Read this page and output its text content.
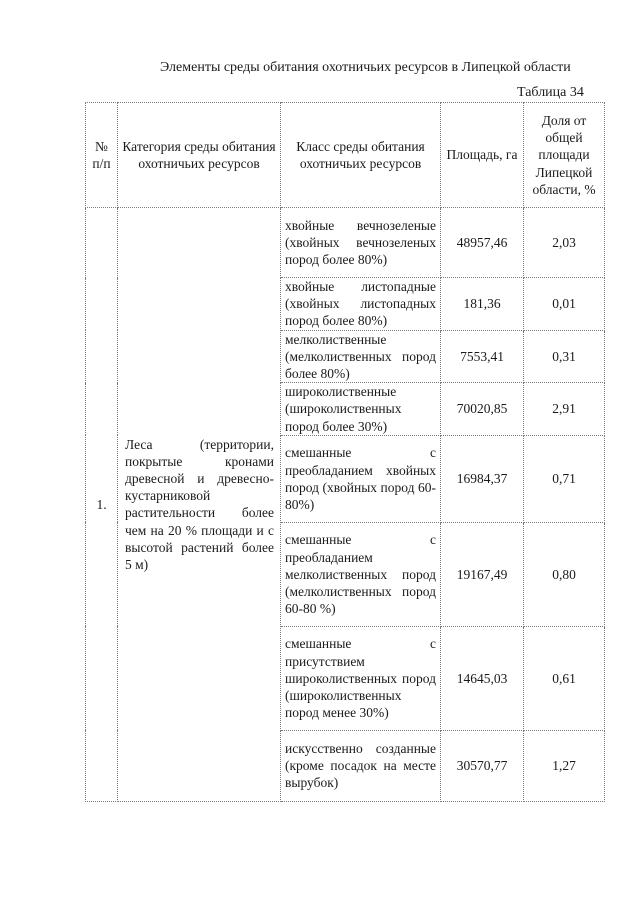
Элементы среды обитания охотничьих ресурсов в Липецкой области
Таблица 34
№ п/п	Категория среды обитания охотничьих ресурсов	Класс среды обитания охотничьих ресурсов	Площадь, га	Доля от общей площади Липецкой области, %
1.	Леса (территории, покрытые кронами древесной и древесно-кустарниковой растительности более чем на 20 % площади и с высотой растений более 5 м)	хвойные вечнозеленые (хвойных вечнозеленых пород более 80%)	48957,46	2,03
		хвойные листопадные (хвойных листопадных пород более 80%)	181,36	0,01
		мелколиственные (мелколиственных пород более 80%)	7553,41	0,31
		широколиственные (широколиственных пород более 30%)	70020,85	2,91
		смешанные с преобладанием хвойных пород (хвойных пород 60-80%)	16984,37	0,71
		смешанные с преобладанием мелколиственных пород (мелколиственных пород 60-80 %)	19167,49	0,80
		смешанные с присутствием широколиственных пород (широколиственных пород менее 30%)	14645,03	0,61
		искусственно созданные (кроме посадок на месте вырубок)	30570,77	1,27
